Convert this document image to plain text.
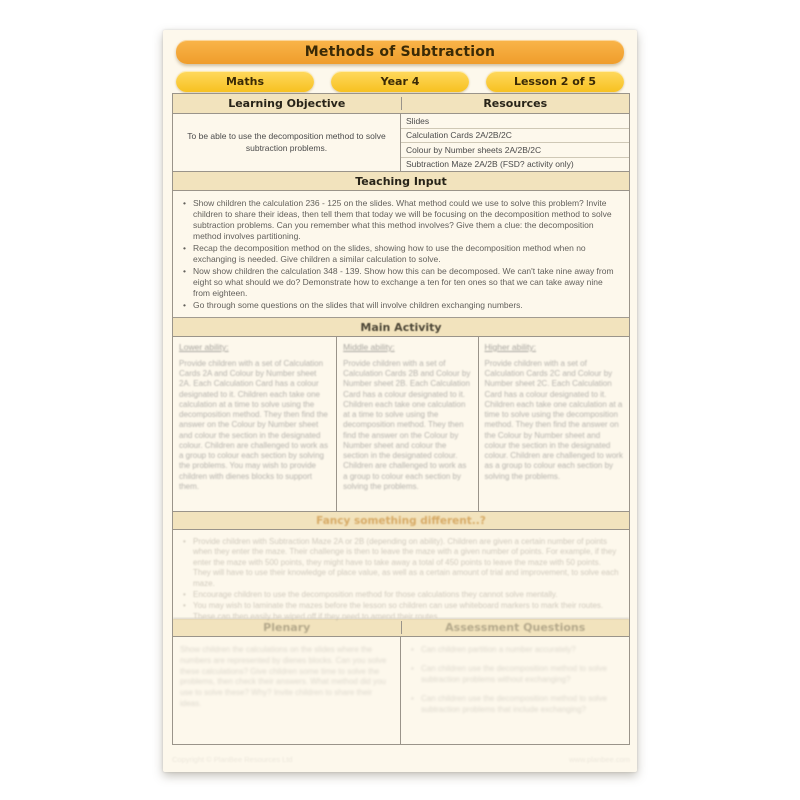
Methods of Subtraction
Maths	Year 4	Lesson 2 of 5
Learning Objective	Resources

To be able to use the decomposition method to solve subtraction problems.

Slides
Calculation Cards 2A/2B/2C
Colour by Number sheets 2A/2B/2C
Subtraction Maze 2A/2B (FSD? activity only)
Teaching Input
• Show children the calculation 236 - 125 on the slides. What method could we use to solve this problem? Invite children to share their ideas, then tell them that today we will be focusing on the decomposition method to solve subtraction problems. Can you remember what this method involves? Give them a clue: the decomposition method involves partitioning.
• Recap the decomposition method on the slides, showing how to use the decomposition method when no exchanging is needed. Give children a similar calculation to solve.
• Now show children the calculation 348 - 139. Show how this can be decomposed. We can't take nine away from eight so what should we do? Demonstrate how to exchange a ten for ten ones so that we can take away nine from eighteen.
• Go through some questions on the slides that will involve children exchanging numbers.
Main Activity
Lower ability:
Provide children with a set of Calculation Cards 2A and Colour by Number sheet 2A. Each Calculation Card has a colour designated to it. Children each take one calculation at a time to solve using the decomposition method. They then find the answer on the Colour by Number sheet and colour the section in the designated colour. Children are challenged to work as a group to colour each section by solving the problems. You may wish to provide children with dienes blocks to support them.
Middle ability:
Provide children with a set of Calculation Cards 2B and Colour by Number sheet 2B. Each Calculation Card has a colour designated to it. Children each take one calculation at a time to solve using the decomposition method. They then find the answer on the Colour by Number sheet and colour the section in the designated colour. Children are challenged to work as a group to colour each section by solving the problems.
Higher ability:
Provide children with a set of Calculation Cards 2C and Colour by Number sheet 2C. Each Calculation Card has a colour designated to it. Children each take one calculation at a time to solve using the decomposition method. They then find the answer on the Colour by Number sheet and colour the section in the designated colour. Children are challenged to work as a group to colour each section by solving the problems.
Fancy something different..?
• Provide children with Subtraction Maze 2A or 2B (depending on ability). Children are given a certain number of points when they enter the maze. Their challenge is then to leave the maze with a given number of points. For example, if they enter the maze with 500 points, they might have to take away a total of 450 points to leave the maze with 50 points. They will have to use their knowledge of place value, as well as a certain amount of trial and improvement, to solve each maze.
• Encourage children to use the decomposition method for those calculations they cannot solve mentally.
• You may wish to laminate the mazes before the lesson so children can use whiteboard markers to mark their routes. These can then easily be wiped off if they need to amend their routes.
Plenary	Assessment Questions

Show children the calculations on the slides where the numbers are represented by dienes blocks. Can you solve these calculations? Give children some time to solve the problems, then check their answers. What method did you use to solve these? Why? Invite children to share their ideas.

• Can children partition a number accurately?
• Can children use the decomposition method to solve subtraction problems without exchanging?
• Can children use the decomposition method to solve subtraction problems that include exchanging?
Copyright © PlanBee Resources Ltd	www.planbee.com
